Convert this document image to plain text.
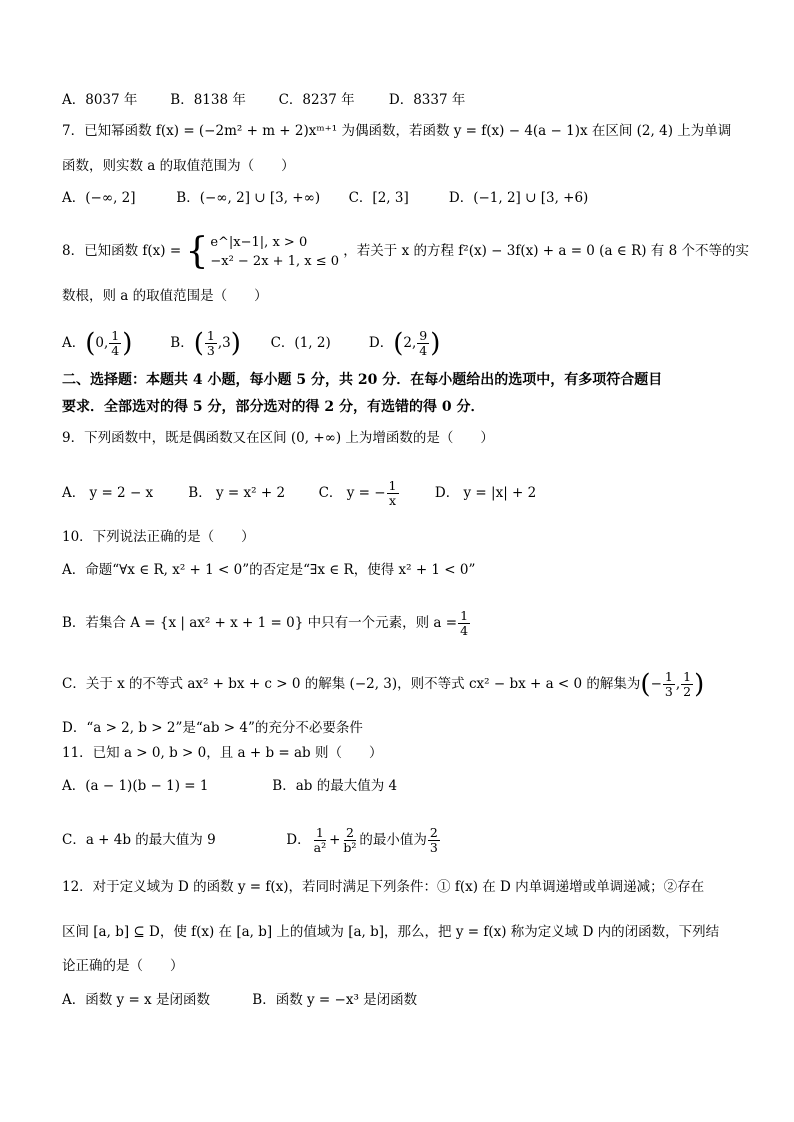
A．8037 年 B．8138 年 C．8237 年	D．8337 年
7．已知幂函数 f(x) = (−2m² + m + 2)xᵐ⁺¹ 为偶函数，若函数 y = f(x) − 4(a − 1)x 在区间 (2, 4) 上为单调
函数，则实数 a 的取值范围为（　　）
A．(−∞, 2]	B．(−∞, 2] ∪ [3, +∞) C．[2, 3]	D．(−1, 2] ∪ [3, +6)
8．已知函数 f(x) = { e^|x−1|, x > 0
−x² − 2x + 1, x ≤ 0
，若关于 x 的方程 f²(x) − 3f(x) + a = 0 (a ∈ R) 有 8 个不等的实
数根，则 a 的取值范围是（　　）
A．(0, $\frac{1}{4}$ )	B．( $\frac{1}{3} ,3$) C．(1, 2)	D．(2, $\frac{9}{4}$ )
二、选择题：本题共 4 小题，每小题 5 分，共 20 分．在每小题给出的选项中，有多项符合题目
要求．全部选对的得 5 分，部分选对的得 2 分，有选错的得 0 分．
9．下列函数中，既是偶函数又在区间 (0, +∞) 上为增函数的是（　　）
A． y = 2 − x	B． y = x² + 2 C． y = − $\frac{1}{x}$	D． y = |x| + 2
10．下列说法正确的是（　　）
A．命题“∀x ∈ R, x² + 1 < 0”的否定是“∃x ∈ R，使得 x² + 1 < 0”
B．若集合 A = {x | ax² + x + 1 = 0} 中只有一个元素，则 $a = \frac{1}{4}$
C．关于 x 的不等式 ax² + bx + c > 0 的解集 (−2, 3)，则不等式 cx² − bx + a < 0 的解集为(− $\frac{1}{3}$ , $\frac{1}{2}$ )
D．“a > 2, b > 2”是“ab > 4”的充分不必要条件
11．已知 a > 0, b > 0，且 a + b = ab 则（　　）
A．(a − 1)(b − 1) = 1	B．ab 的最大值为 4
C．a + 4b 的最大值为 9	D． $\frac{1}{\text{a²}} + \frac{2}{\text{b²}}$ 的最小值为 $\frac{2}{3}$
12．对于定义域为 D 的函数 y = f(x)，若同时满足下列条件：① f(x) 在 D 内单调递增或单调递减；②存在
区间 [a, b] ⊆ D，使 f(x) 在 [a, b] 上的值域为 [a, b]，那么，把 y = f(x) 称为定义域 D 内的闭函数，下列结
论正确的是（　　）
A．函数 y = x 是闭函数	B．函数 y = −x³ 是闭函数
